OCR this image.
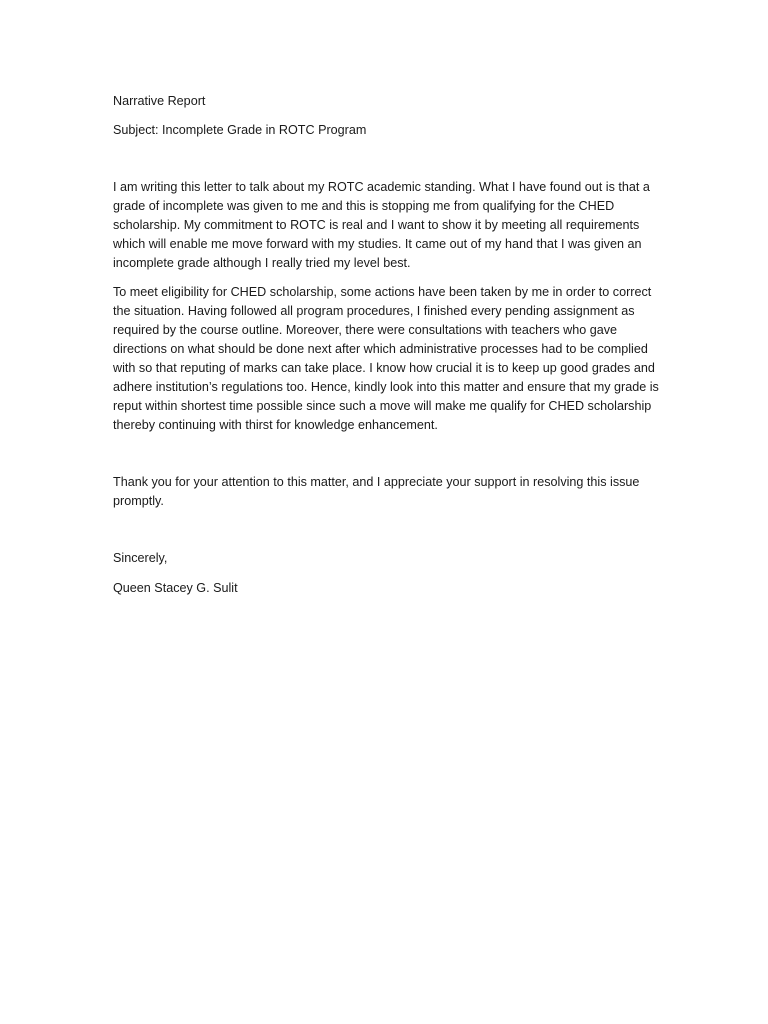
Narrative Report

Subject: Incomplete Grade in ROTC Program

I am writing this letter to talk about my ROTC academic standing. What I have found out is that a grade of incomplete was given to me and this is stopping me from qualifying for the CHED scholarship. My commitment to ROTC is real and I want to show it by meeting all requirements which will enable me move forward with my studies. It came out of my hand that I was given an incomplete grade although I really tried my level best.

To meet eligibility for CHED scholarship, some actions have been taken by me in order to correct the situation. Having followed all program procedures, I finished every pending assignment as required by the course outline. Moreover, there were consultations with teachers who gave directions on what should be done next after which administrative processes had to be complied with so that reputing of marks can take place. I know how crucial it is to keep up good grades and adhere institution’s regulations too. Hence, kindly look into this matter and ensure that my grade is reput within shortest time possible since such a move will make me qualify for CHED scholarship thereby continuing with thirst for knowledge enhancement.

Thank you for your attention to this matter, and I appreciate your support in resolving this issue promptly.

Sincerely,

Queen Stacey G. Sulit
